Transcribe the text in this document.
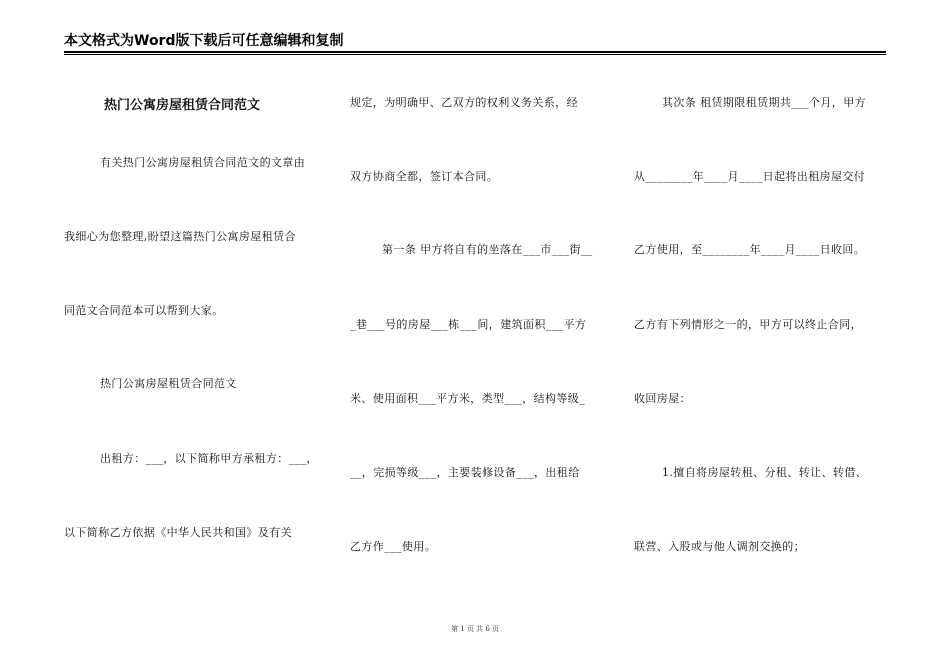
本文格式为Word版下载后可任意编辑和复制
热门公寓房屋租赁合同范文
有关热门公寓房屋租赁合同范文的文章由
我细心为您整理,盼望这篇热门公寓房屋租赁合
同范文合同范本可以帮到大家。
热门公寓房屋租赁合同范文
出租方：___，以下简称甲方承租方：___，
以下简称乙方依据《中华人民共和国》及有关
规定，为明确甲、乙双方的权利义务关系，经
双方协商全都，签订本合同。
第一条 甲方将自有的坐落在___市___街__
_巷___号的房屋___栋___间，建筑面积___平方
米、使用面积___平方米，类型___，结构等级_
__，完损等级___，主要装修设备___，出租给
乙方作___使用。
其次条 租赁期限租赁期共___个月，甲方
从________年____月____日起将出租房屋交付
乙方使用，至________年____月____日收回。
乙方有下列情形之一的，甲方可以终止合同，
收回房屋：
1.擅自将房屋转租、分租、转让、转借、
联营、入股或与他人调剂交换的；
第 1 页 共 6 页
